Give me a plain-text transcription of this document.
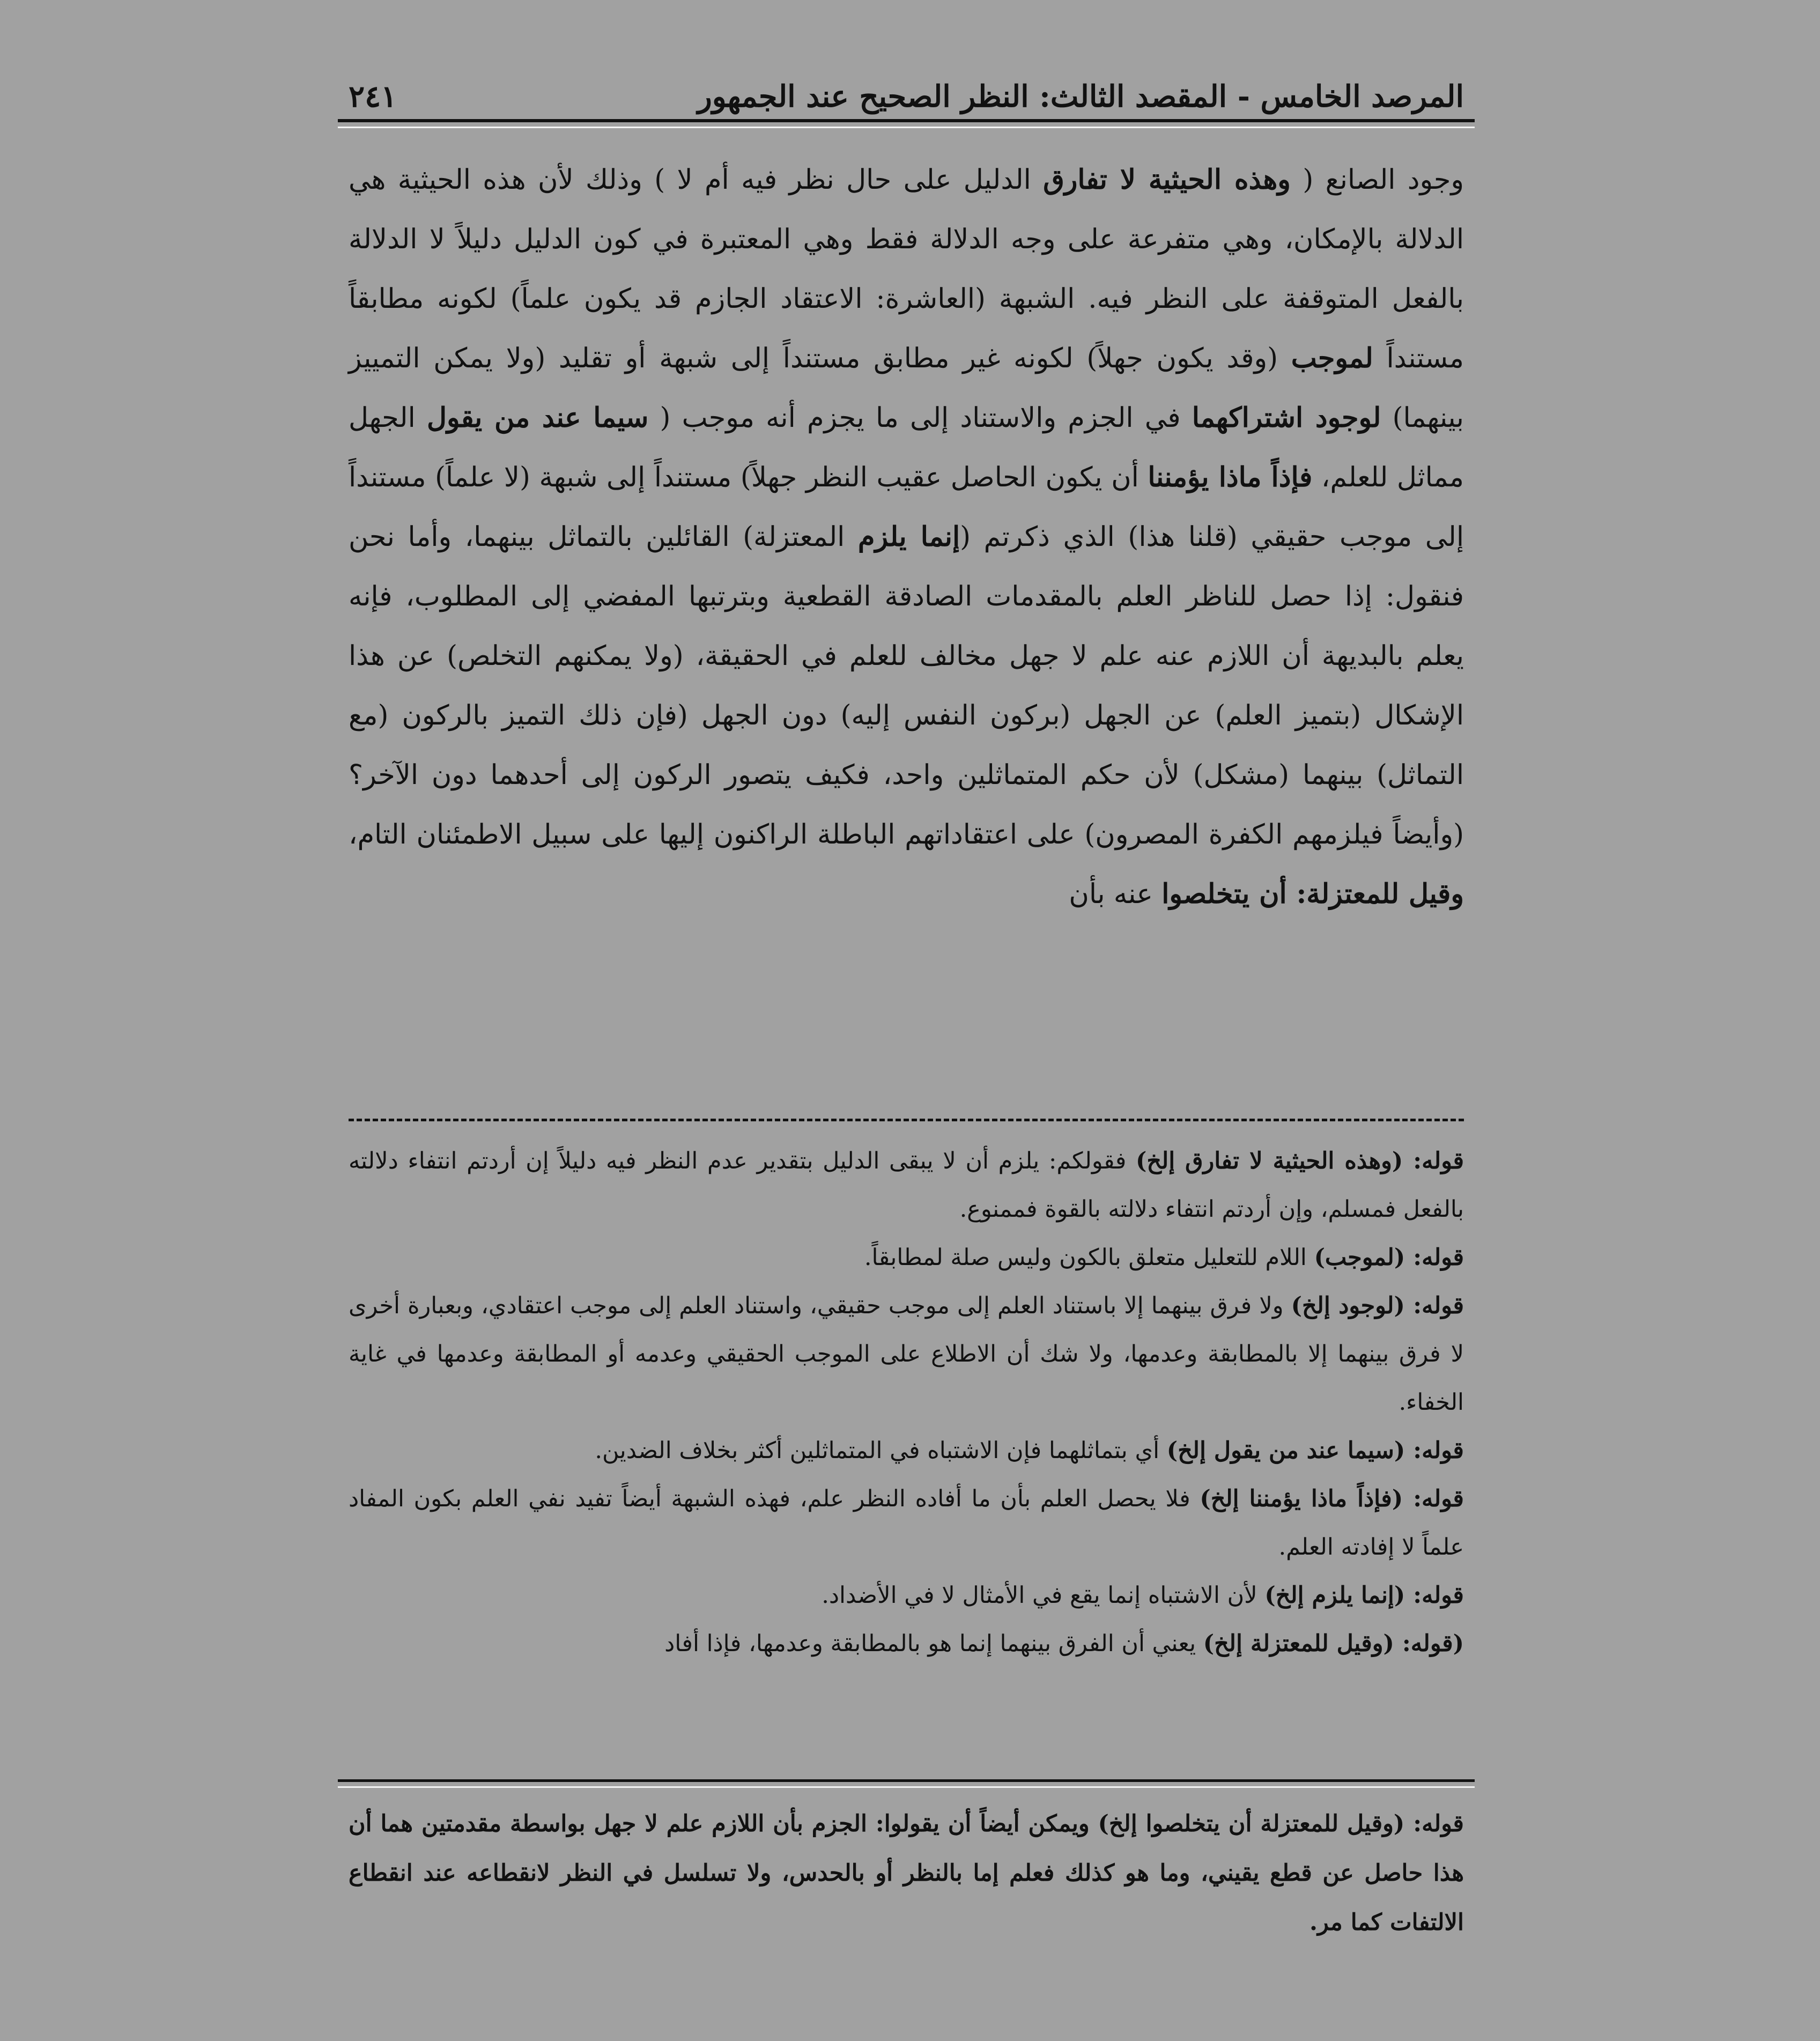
المرصد الخامس - المقصد الثالث: النظر الصحيح عند الجمهور
٢٤١

وجود الصانع ( وهذه الحيثية لا تفارق الدليل على حال نظر فيه أم لا ) وذلك لأن هذه الحيثية هي الدلالة بالإمكان، وهي متفرعة على وجه الدلالة فقط وهي المعتبرة في كون الدليل دليلاً لا الدلالة بالفعل المتوقفة على النظر فيه. الشبهة (العاشرة: الاعتقاد الجازم قد يكون علماً) لكونه مطابقاً مستنداً لموجب (وقد يكون جهلاً) لكونه غير مطابق مستنداً إلى شبهة أو تقليد (ولا يمكن التمييز بينهما) لوجود اشتراكهما في الجزم والاستناد إلى ما يجزم أنه موجب ( سيما عند من يقول الجهل مماثل للعلم، فإذاً ماذا يؤمننا أن يكون الحاصل عقيب النظر جهلاً) مستنداً إلى شبهة (لا علماً) مستنداً إلى موجب حقيقي (قلنا هذا) الذي ذكرتم (إنما يلزم المعتزلة) القائلين بالتماثل بينهما، وأما نحن فنقول: إذا حصل للناظر العلم بالمقدمات الصادقة القطعية وبترتبها المفضي إلى المطلوب، فإنه يعلم بالبديهة أن اللازم عنه علم لا جهل مخالف للعلم في الحقيقة، (ولا يمكنهم التخلص) عن هذا الإشكال (بتميز العلم) عن الجهل (بركون النفس إليه) دون الجهل (فإن ذلك التميز بالركون (مع التماثل) بينهما (مشكل) لأن حكم المتماثلين واحد، فكيف يتصور الركون إلى أحدهما دون الآخر؟ (وأيضاً فيلزمهم الكفرة المصرون) على اعتقاداتهم الباطلة الراكنون إليها على سبيل الاطمئنان التام، وقيل للمعتزلة: أن يتخلصوا عنه بأن

قوله: (وهذه الحيثية لا تفارق إلخ) فقولكم: يلزم أن لا يبقى الدليل بتقدير عدم النظر فيه دليلاً إن أردتم انتفاء دلالته بالفعل فمسلم، وإن أردتم انتفاء دلالته بالقوة فممنوع.

قوله: (لموجب) اللام للتعليل متعلق بالكون وليس صلة لمطابقاً.

قوله: (لوجود إلخ) ولا فرق بينهما إلا باستناد العلم إلى موجب حقيقي، واستناد العلم إلى موجب اعتقادي، وبعبارة أخرى لا فرق بينهما إلا بالمطابقة وعدمها، ولا شك أن الاطلاع على الموجب الحقيقي وعدمه أو المطابقة وعدمها في غاية الخفاء.

قوله: (سيما عند من يقول إلخ) أي بتماثلهما فإن الاشتباه في المتماثلين أكثر بخلاف الضدين.

قوله: (فإذاً ماذا يؤمننا إلخ) فلا يحصل العلم بأن ما أفاده النظر علم، فهذه الشبهة أيضاً تفيد نفي العلم بكون المفاد علماً لا إفادته العلم.

قوله: (إنما يلزم إلخ) لأن الاشتباه إنما يقع في الأمثال لا في الأضداد.

(قوله: (وقيل للمعتزلة إلخ) يعني أن الفرق بينهما إنما هو بالمطابقة وعدمها، فإذا أفاد

قوله: (وقيل للمعتزلة أن يتخلصوا إلخ) ويمكن أيضاً أن يقولوا: الجزم بأن اللازم علم لا جهل بواسطة مقدمتين هما أن هذا حاصل عن قطع يقيني، وما هو كذلك فعلم إما بالنظر أو بالحدس، ولا تسلسل في النظر لانقطاعه عند انقطاع الالتفات كما مر.
